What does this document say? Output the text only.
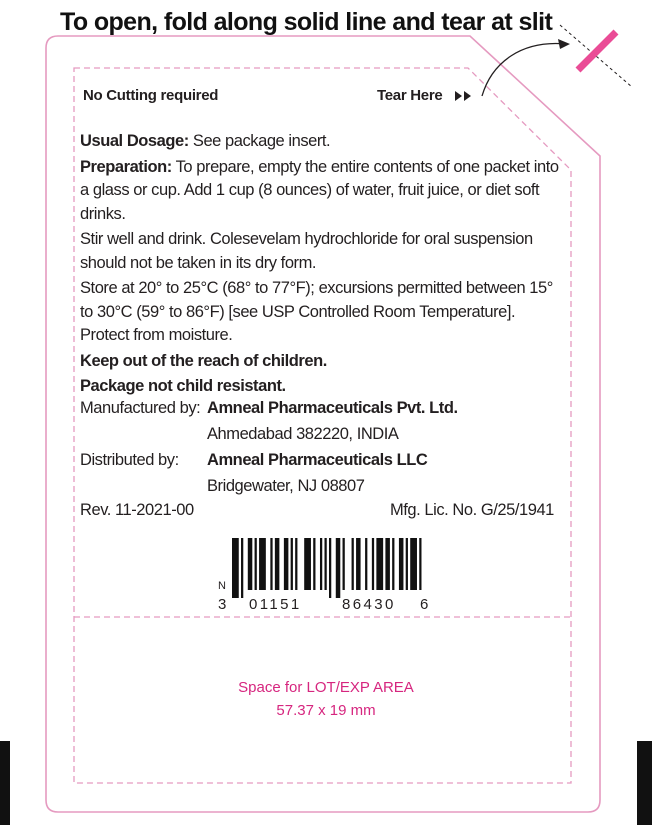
To open, fold along solid line and tear at slit
No Cutting required	Tear Here

Usual Dosage: See package insert.

Preparation: To prepare, empty the entire contents of one packet into a glass or cup. Add 1 cup (8 ounces) of water, fruit juice, or diet soft drinks.

Stir well and drink. Colesevelam hydrochloride for oral suspension should not be taken in its dry form.

Store at 20° to 25°C (68° to 77°F); excursions permitted between 15° to 30°C (59° to 86°F) [see USP Controlled Room Temperature]. Protect from moisture.

Keep out of the reach of children.

Package not child resistant.

Manufactured by: Amneal Pharmaceuticals Pvt. Ltd.
Ahmedabad 382220, INDIA
Distributed by: Amneal Pharmaceuticals LLC
Bridgewater, NJ 08807
Rev. 11-2021-00	Mfg. Lic. No. G/25/1941
N
3 01151	86430 6
Space for LOT/EXP AREA
57.37 x 19 mm
